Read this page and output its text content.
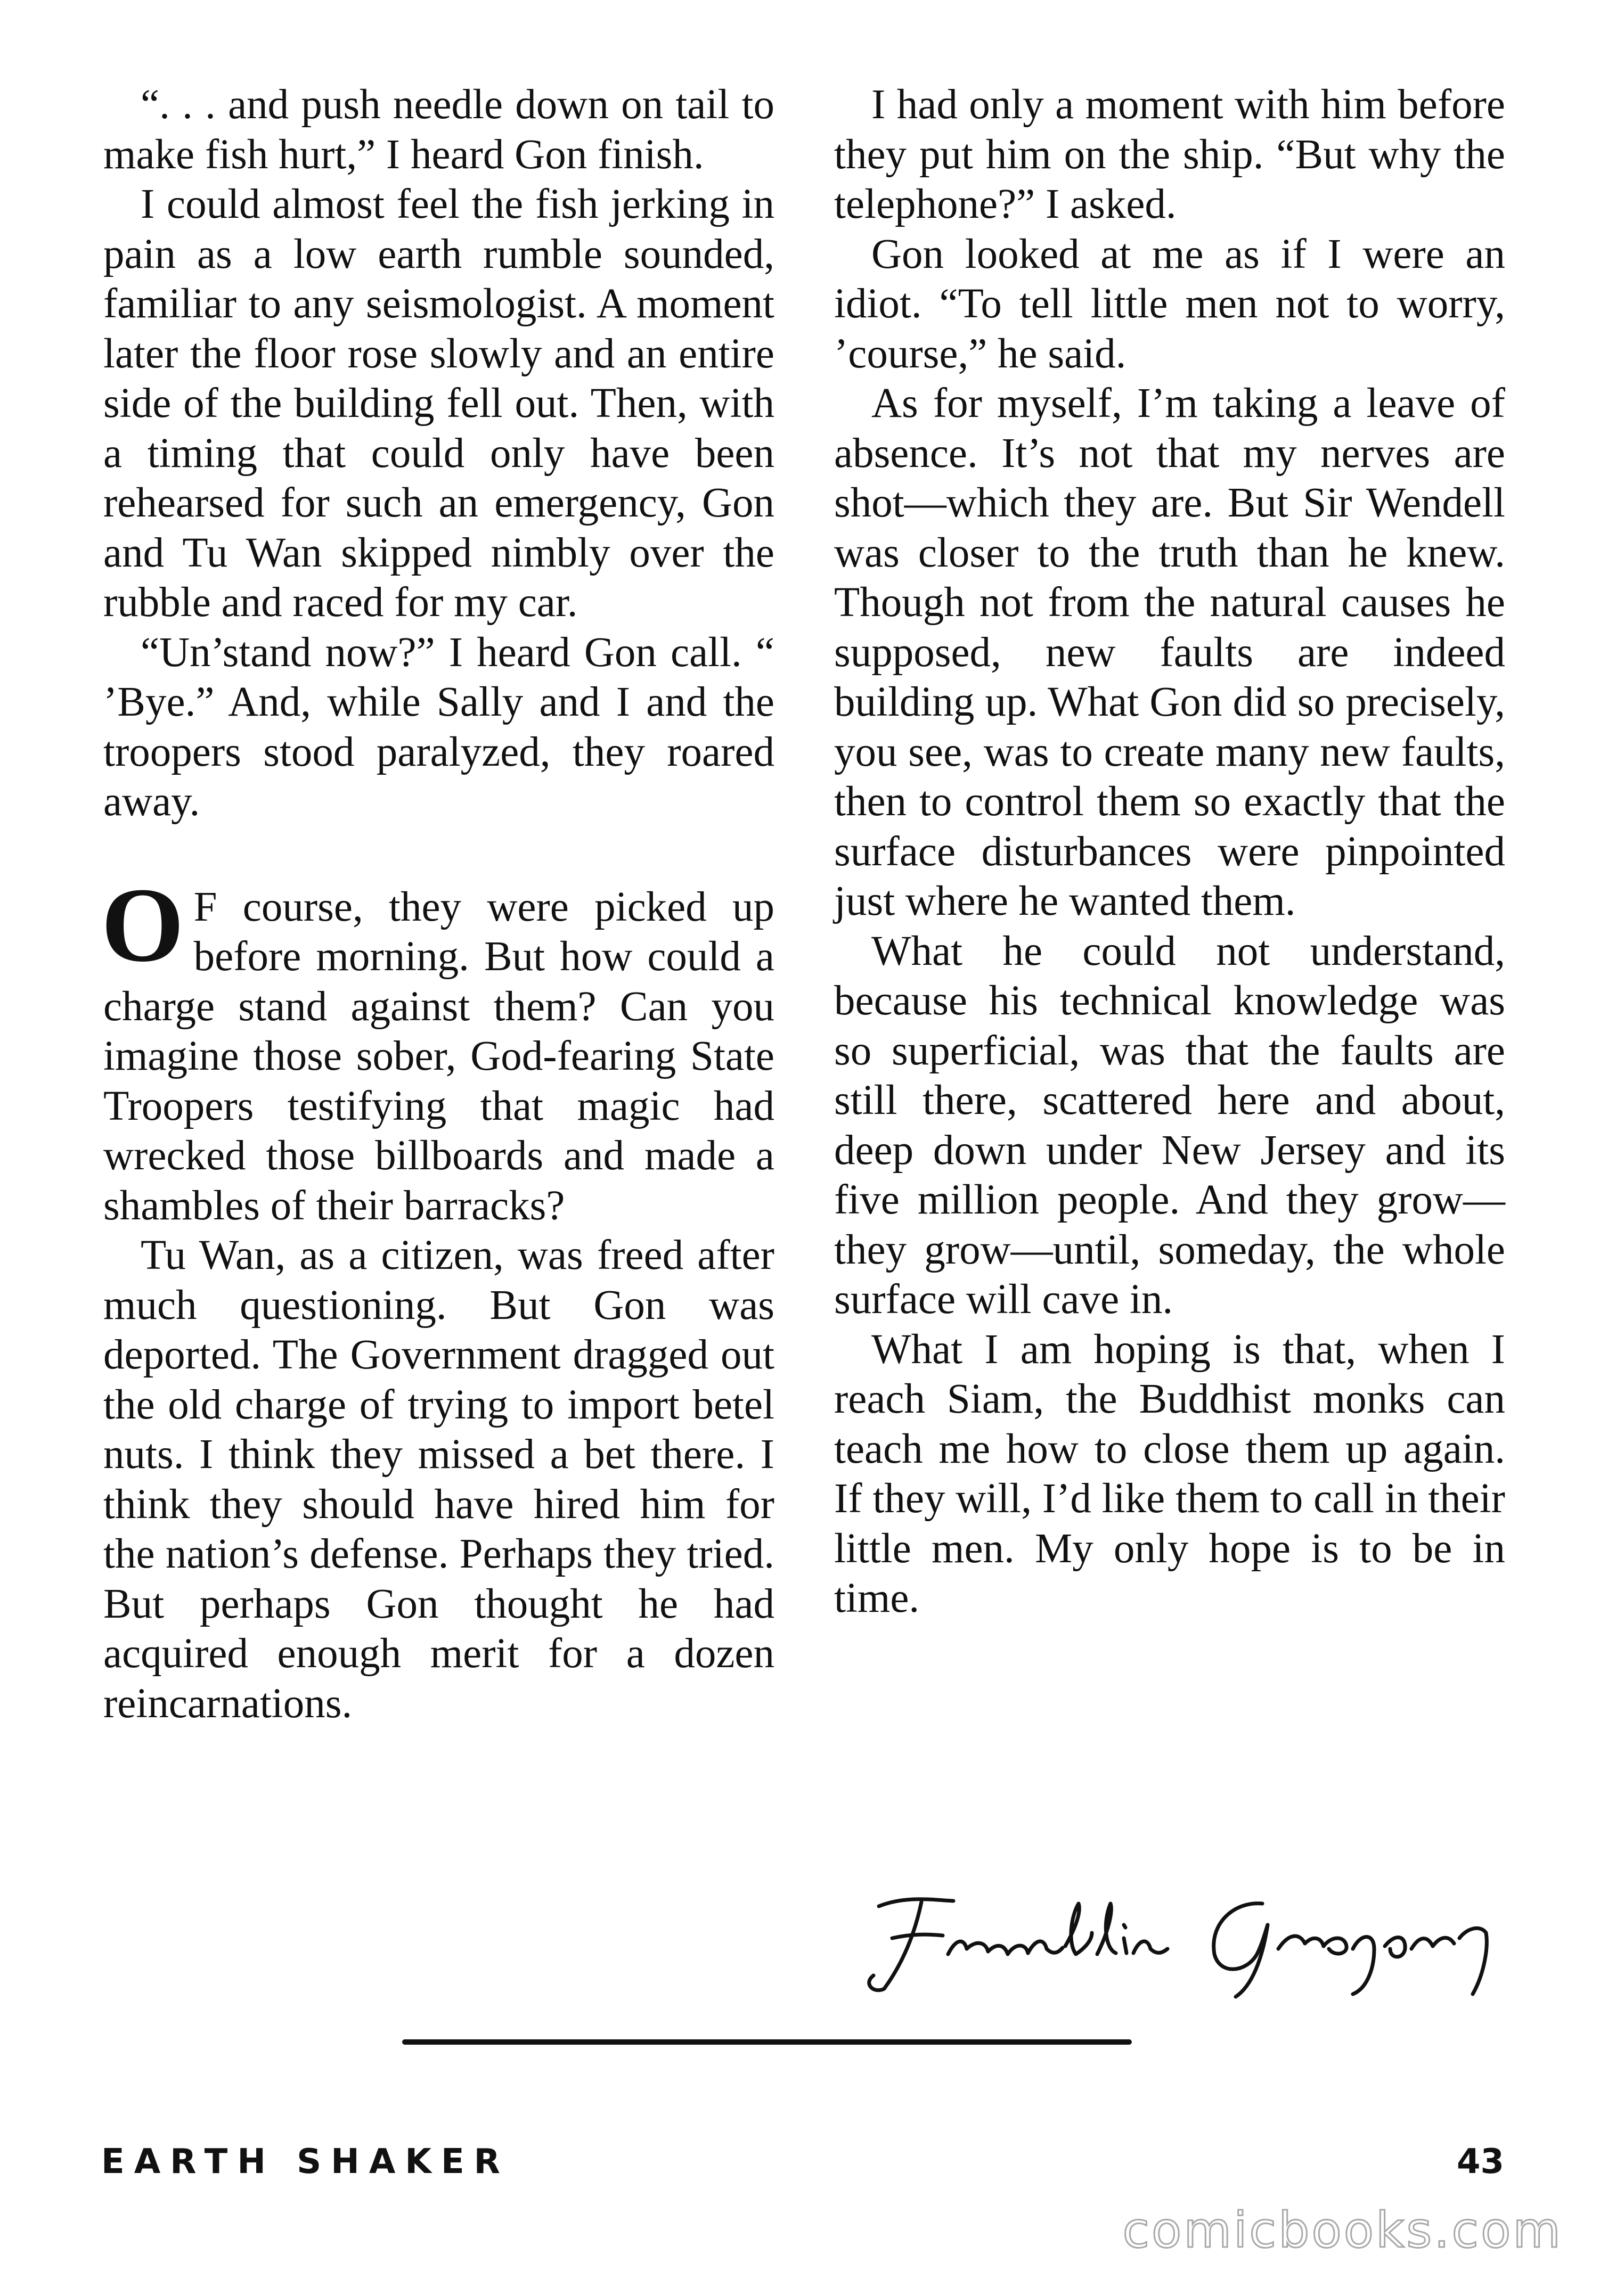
“. . . and push needle down on tail to make fish hurt,” I heard Gon finish.

I could almost feel the fish jerking in pain as a low earth rumble sounded, familiar to any seismologist. A moment later the floor rose slowly and an entire side of the building fell out. Then, with a timing that could only have been rehearsed for such an emergency, Gon and Tu Wan skipped nimbly over the rubble and raced for my car.

“Un’stand now?” I heard Gon call. “ ’Bye.” And, while Sally and I and the troopers stood paralyzed, they roared away.

O F course, they were picked up before morning. But how could a charge stand against them? Can you imagine those sober, God-fearing State Troopers testifying that magic had wrecked those billboards and made a shambles of their barracks?

Tu Wan, as a citizen, was freed after much questioning. But Gon was deported. The Government dragged out the old charge of trying to import betel nuts. I think they missed a bet there. I think they should have hired him for the nation’s defense. Perhaps they tried. But perhaps Gon thought he had acquired enough merit for a dozen reincarnations.

I had only a moment with him before they put him on the ship. “But why the telephone?” I asked.

Gon looked at me as if I were an idiot. “To tell little men not to worry, ’course,” he said.

As for myself, I’m taking a leave of absence. It’s not that my nerves are shot—which they are. But Sir Wendell was closer to the truth than he knew. Though not from the natural causes he supposed, new faults are indeed building up. What Gon did so precisely, you see, was to create many new faults, then to control them so exactly that the surface disturbances were pinpointed just where he wanted them.

What he could not understand, because his technical knowledge was so superficial, was that the faults are still there, scattered here and about, deep down under New Jersey and its five million people. And they grow—they grow—until, someday, the whole surface will cave in.

What I am hoping is that, when I reach Siam, the Buddhist monks can teach me how to close them up again. If they will, I’d like them to call in their little men. My only hope is to be in time.

EARTH SHAKER	43
comicbooks.com
